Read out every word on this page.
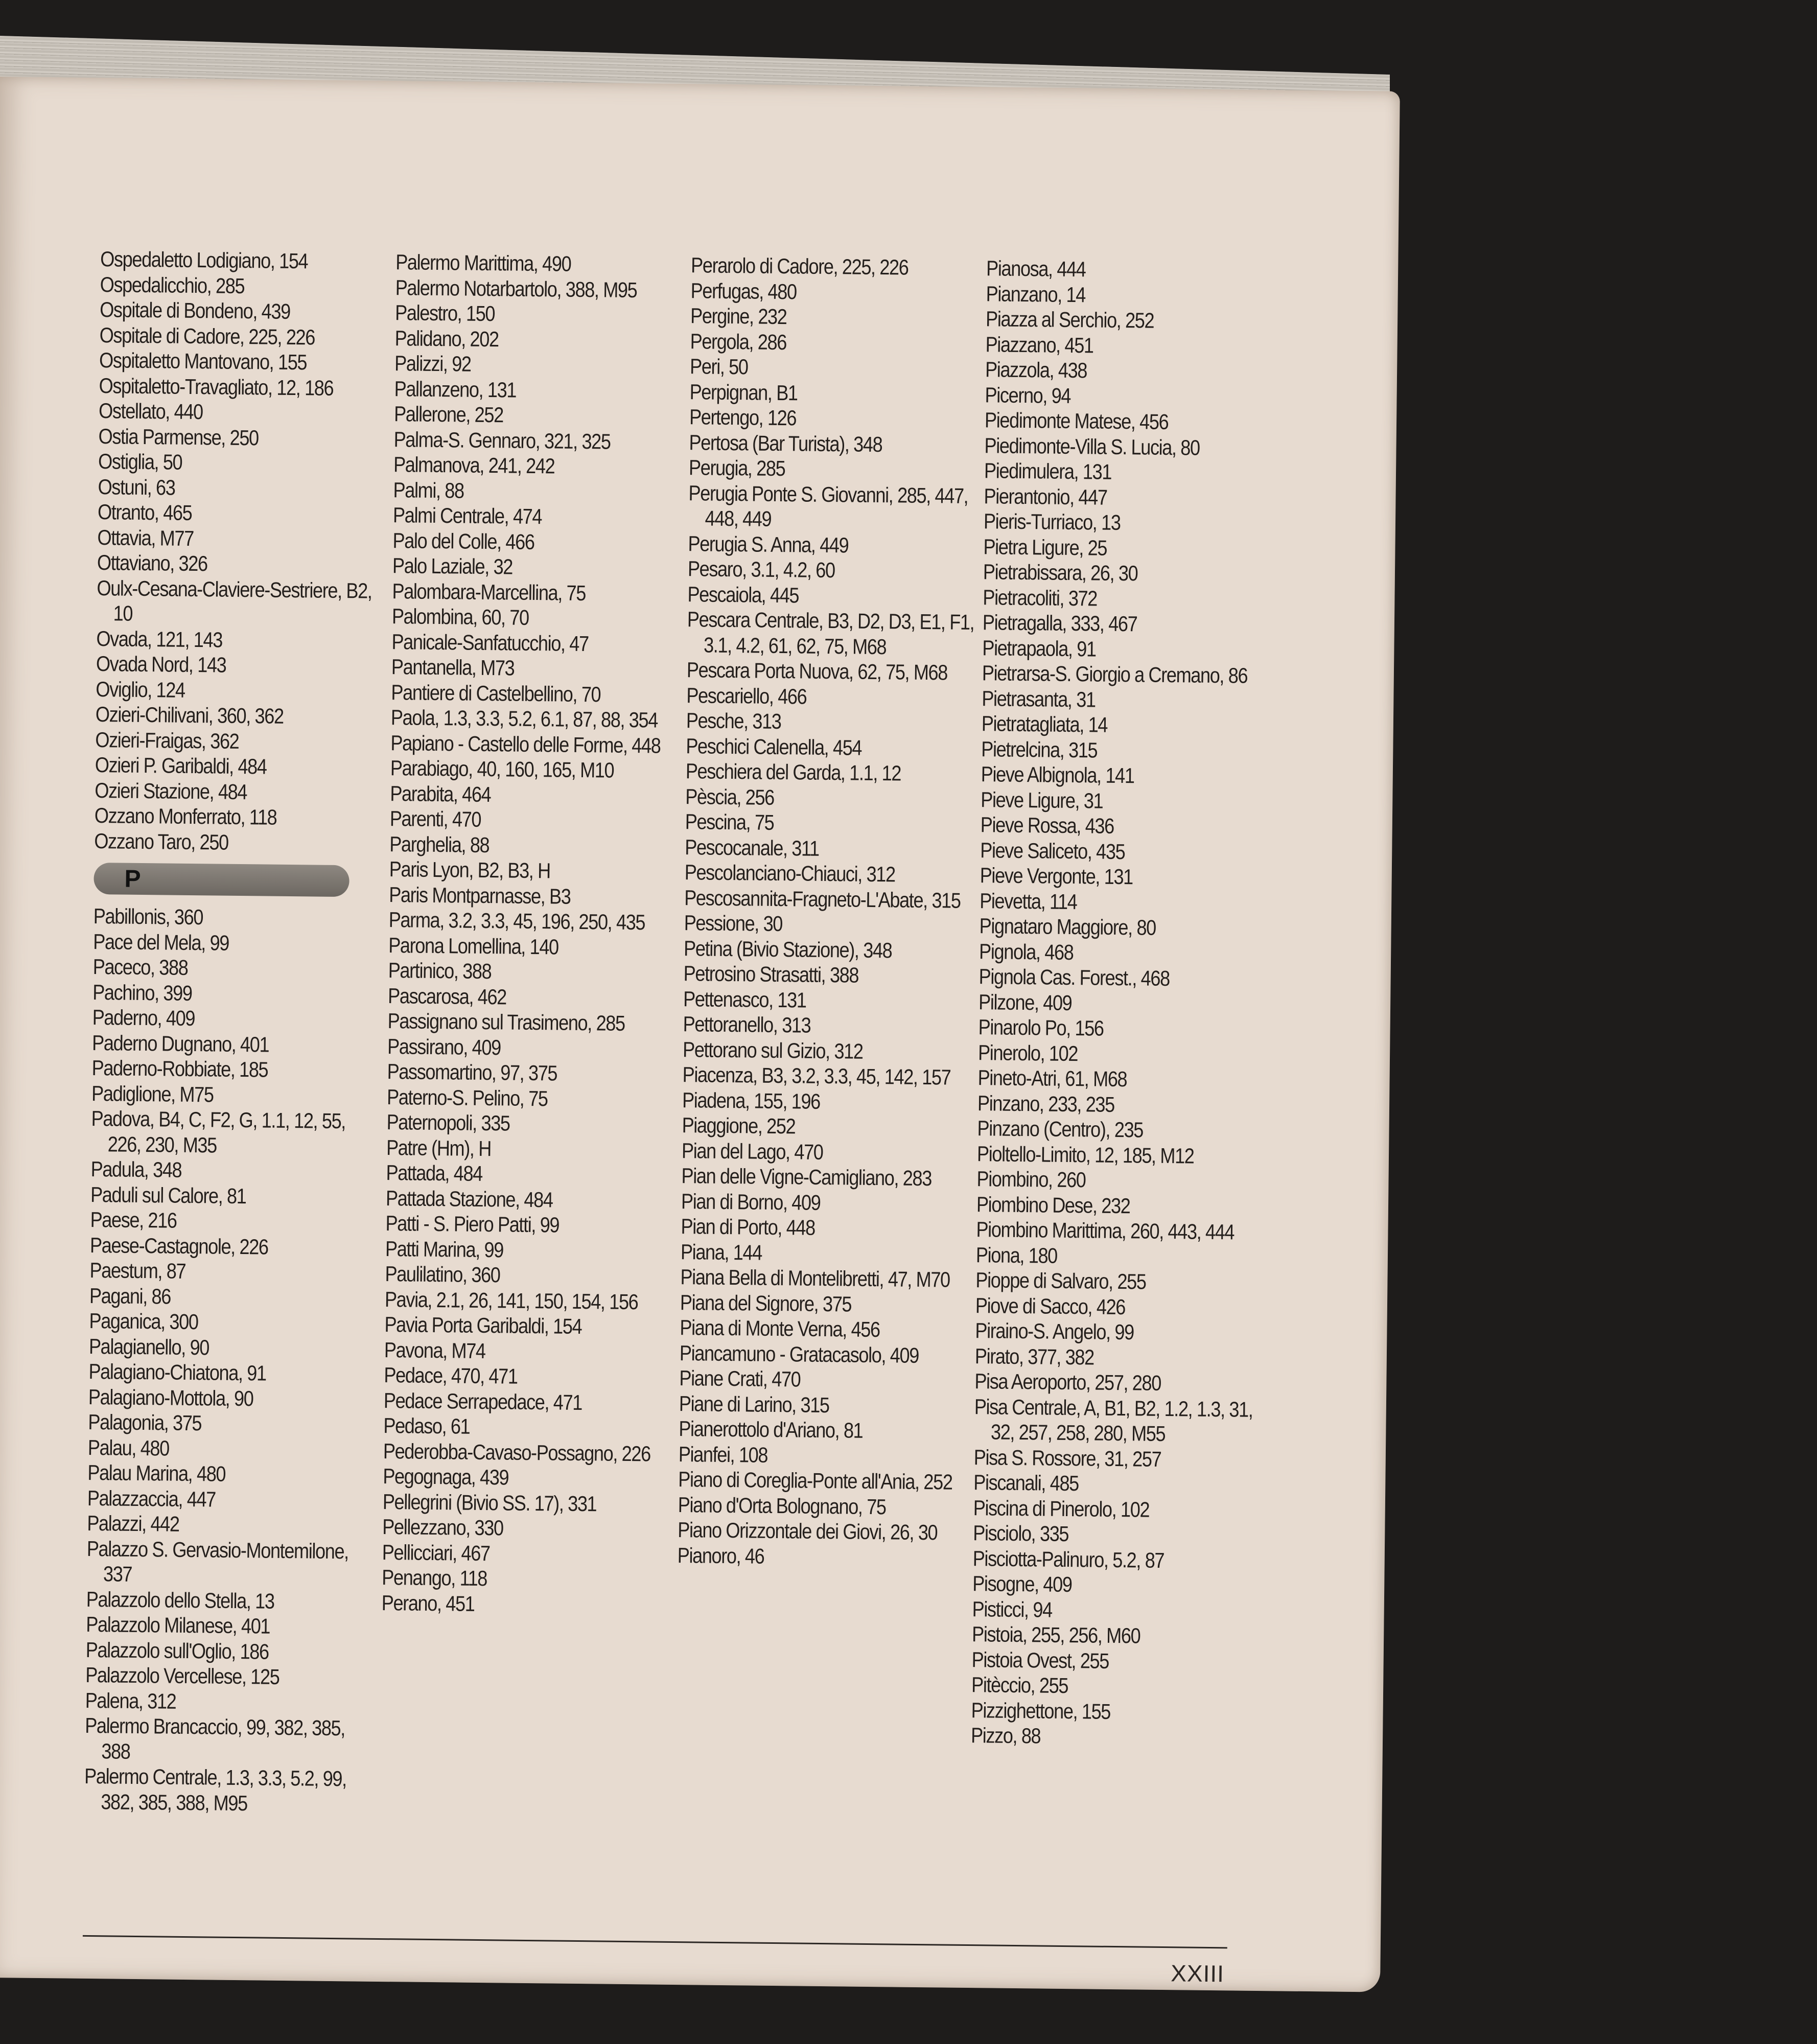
Ospedaletto Lodigiano, 154
Ospedalicchio, 285
Ospitale di Bondeno, 439
Ospitale di Cadore, 225, 226
Ospitaletto Mantovano, 155
Ospitaletto-Travagliato, 12, 186
Ostellato, 440
Ostia Parmense, 250
Ostiglia, 50
Ostuni, 63
Otranto, 465
Ottavia, M77
Ottaviano, 326
Oulx-Cesana-Claviere-Sestriere, B2, 10
Ovada, 121, 143
Ovada Nord, 143
Oviglio, 124
Ozieri-Chilivani, 360, 362
Ozieri-Fraigas, 362
Ozieri P. Garibaldi, 484
Ozieri Stazione, 484
Ozzano Monferrato, 118
Ozzano Taro, 250
P
Pabillonis, 360
Pace del Mela, 99
Paceco, 388
Pachino, 399
Paderno, 409
Paderno Dugnano, 401
Paderno-Robbiate, 185
Padiglione, M75
Padova, B4, C, F2, G, 1.1, 12, 55, 226, 230, M35
Padula, 348
Paduli sul Calore, 81
Paese, 216
Paese-Castagnole, 226
Paestum, 87
Pagani, 86
Paganica, 300
Palagianello, 90
Palagiano-Chiatona, 91
Palagiano-Mottola, 90
Palagonia, 375
Palau, 480
Palau Marina, 480
Palazzaccia, 447
Palazzi, 442
Palazzo S. Gervasio-Montemilone, 337
Palazzolo dello Stella, 13
Palazzolo Milanese, 401
Palazzolo sull'Oglio, 186
Palazzolo Vercellese, 125
Palena, 312
Palermo Brancaccio, 99, 382, 385, 388
Palermo Centrale, 1.3, 3.3, 5.2, 99, 382, 385, 388, M95
Palermo Marittima, 490
Palermo Notarbartolo, 388, M95
Palestro, 150
Palidano, 202
Palizzi, 92
Pallanzeno, 131
Pallerone, 252
Palma-S. Gennaro, 321, 325
Palmanova, 241, 242
Palmi, 88
Palmi Centrale, 474
Palo del Colle, 466
Palo Laziale, 32
Palombara-Marcellina, 75
Palombina, 60, 70
Panicale-Sanfatucchio, 47
Pantanella, M73
Pantiere di Castelbellino, 70
Paola, 1.3, 3.3, 5.2, 6.1, 87, 88, 354
Papiano - Castello delle Forme, 448
Parabiago, 40, 160, 165, M10
Parabita, 464
Parenti, 470
Parghelia, 88
Paris Lyon, B2, B3, H
Paris Montparnasse, B3
Parma, 3.2, 3.3, 45, 196, 250, 435
Parona Lomellina, 140
Partinico, 388
Pascarosa, 462
Passignano sul Trasimeno, 285
Passirano, 409
Passomartino, 97, 375
Paterno-S. Pelino, 75
Paternopoli, 335
Patre (Hm), H
Pattada, 484
Pattada Stazione, 484
Patti - S. Piero Patti, 99
Patti Marina, 99
Paulilatino, 360
Pavia, 2.1, 26, 141, 150, 154, 156
Pavia Porta Garibaldi, 154
Pavona, M74
Pedace, 470, 471
Pedace Serrapedace, 471
Pedaso, 61
Pederobba-Cavaso-Possagno, 226
Pegognaga, 439
Pellegrini (Bivio SS. 17), 331
Pellezzano, 330
Pellicciari, 467
Penango, 118
Perano, 451
Perarolo di Cadore, 225, 226
Perfugas, 480
Pergine, 232
Pergola, 286
Peri, 50
Perpignan, B1
Pertengo, 126
Pertosa (Bar Turista), 348
Perugia, 285
Perugia Ponte S. Giovanni, 285, 447, 448, 449
Perugia S. Anna, 449
Pesaro, 3.1, 4.2, 60
Pescaiola, 445
Pescara Centrale, B3, D2, D3, E1, F1, 3.1, 4.2, 61, 62, 75, M68
Pescara Porta Nuova, 62, 75, M68
Pescariello, 466
Pesche, 313
Peschici Calenella, 454
Peschiera del Garda, 1.1, 12
Pèscia, 256
Pescina, 75
Pescocanale, 311
Pescolanciano-Chiauci, 312
Pescosannita-Fragneto-L'Abate, 315
Pessione, 30
Petina (Bivio Stazione), 348
Petrosino Strasatti, 388
Pettenasco, 131
Pettoranello, 313
Pettorano sul Gizio, 312
Piacenza, B3, 3.2, 3.3, 45, 142, 157
Piadena, 155, 196
Piaggione, 252
Pian del Lago, 470
Pian delle Vigne-Camigliano, 283
Pian di Borno, 409
Pian di Porto, 448
Piana, 144
Piana Bella di Montelibretti, 47, M70
Piana del Signore, 375
Piana di Monte Verna, 456
Piancamuno - Gratacasolo, 409
Piane Crati, 470
Piane di Larino, 315
Pianerottolo d'Ariano, 81
Pianfei, 108
Piano di Coreglia-Ponte all'Ania, 252
Piano d'Orta Bolognano, 75
Piano Orizzontale dei Giovi, 26, 30
Pianoro, 46
Pianosa, 444
Pianzano, 14
Piazza al Serchio, 252
Piazzano, 451
Piazzola, 438
Picerno, 94
Piedimonte Matese, 456
Piedimonte-Villa S. Lucia, 80
Piedimulera, 131
Pierantonio, 447
Pieris-Turriaco, 13
Pietra Ligure, 25
Pietrabissara, 26, 30
Pietracoliti, 372
Pietragalla, 333, 467
Pietrapaola, 91
Pietrarsa-S. Giorgio a Cremano, 86
Pietrasanta, 31
Pietratagliata, 14
Pietrelcina, 315
Pieve Albignola, 141
Pieve Ligure, 31
Pieve Rossa, 436
Pieve Saliceto, 435
Pieve Vergonte, 131
Pievetta, 114
Pignataro Maggiore, 80
Pignola, 468
Pignola Cas. Forest., 468
Pilzone, 409
Pinarolo Po, 156
Pinerolo, 102
Pineto-Atri, 61, M68
Pinzano, 233, 235
Pinzano (Centro), 235
Pioltello-Limito, 12, 185, M12
Piombino, 260
Piombino Dese, 232
Piombino Marittima, 260, 443, 444
Piona, 180
Pioppe di Salvaro, 255
Piove di Sacco, 426
Piraino-S. Angelo, 99
Pirato, 377, 382
Pisa Aeroporto, 257, 280
Pisa Centrale, A, B1, B2, 1.2, 1.3, 31, 32, 257, 258, 280, M55
Pisa S. Rossore, 31, 257
Piscanali, 485
Piscina di Pinerolo, 102
Pisciolo, 335
Pisciotta-Palinuro, 5.2, 87
Pisogne, 409
Pisticci, 94
Pistoia, 255, 256, M60
Pistoia Ovest, 255
Pitèccio, 255
Pizzighettone, 155
Pizzo, 88
XXIII
